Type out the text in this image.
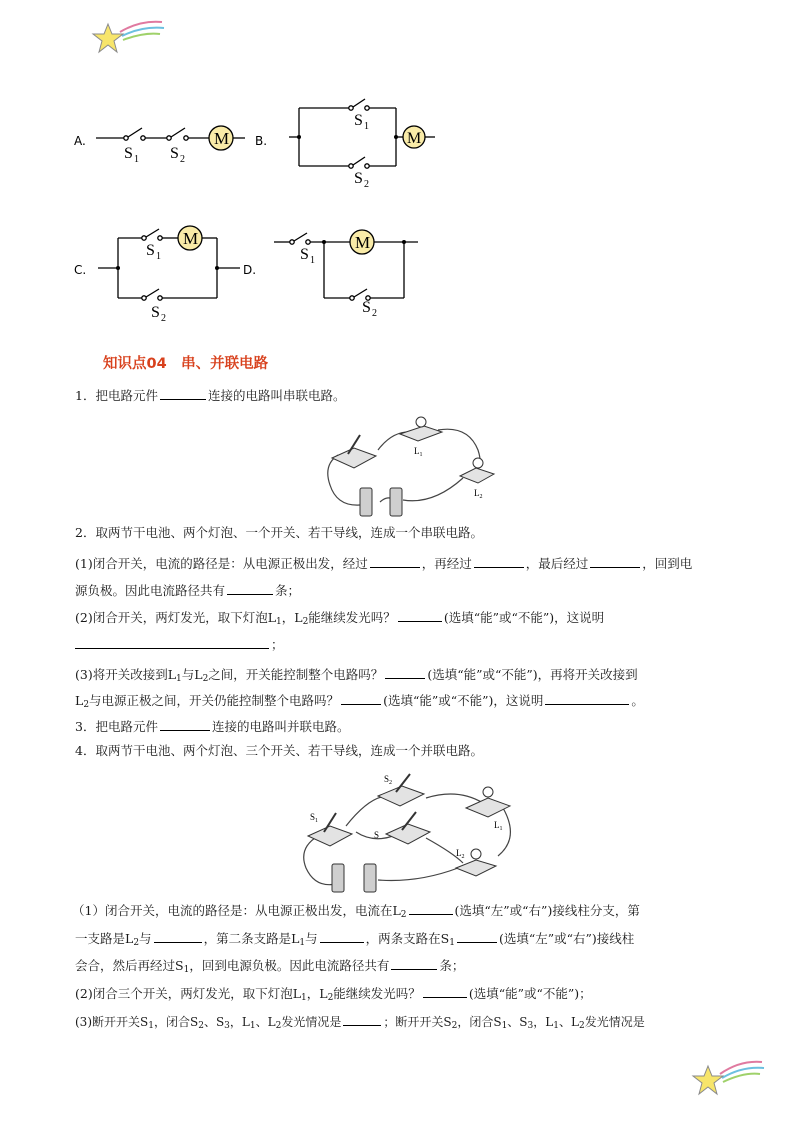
A.	B.
C.	D.
M
S 1 S 2
M
S 1
S 2
M
S 1
S 2
M
S 1
S 2
知识点04　串、并联电路
1．把电路元件	连接的电路叫串联电路。
$L_1$
$L_2$
2．取两节干电池、两个灯泡、一个开关、若干导线，连成一个串联电路。
(1)闭合开关，电流的路径是：从电源正极出发，经过	，再经过	，最后经过	，回到电
源负极。因此电流路径共有	条；
(2)闭合开关，两灯发光，取下灯泡$L_1$，$L_2$能继续发光吗？	(选填“能”或“不能”)，这说明
；
(3)将开关改接到$L_1$与$L_2$之间，开关能控制整个电路吗？	(选填“能”或“不能”)，再将开关改接到
$L_2$与电源正极之间，开关仍能控制整个电路吗？	(选填“能”或“不能”)，这说明	。
3．把电路元件	连接的电路叫并联电路。
4．取两节干电池、两个灯泡、三个开关、若干导线，连成一个并联电路。
$S_1$
$S_2$
S
$L_1$
$L_2$
（1）闭合开关，电流的路径是：从电源正极出发，电流在$L_2$	(选填“左”或“右”)接线柱分支，第
一支路是$L_2$与	，第二条支路是$L_1$与	，两条支路在$S_1$	(选填“左”或“右”)接线柱
会合，然后再经过$S_1$，回到电源负极。因此电流路径共有	条；
(2)闭合三个开关，两灯发光，取下灯泡$L_1$，$L_2$能继续发光吗？	(选填“能”或“不能”)；
(3)断开开关$S_1$，闭合$S_2$、$S_3$，$L_1$、$L_2$发光情况是	；断开开关$S_2$，闭合$S_1$、$S_3$，$L_1$、$L_2$发光情况是
